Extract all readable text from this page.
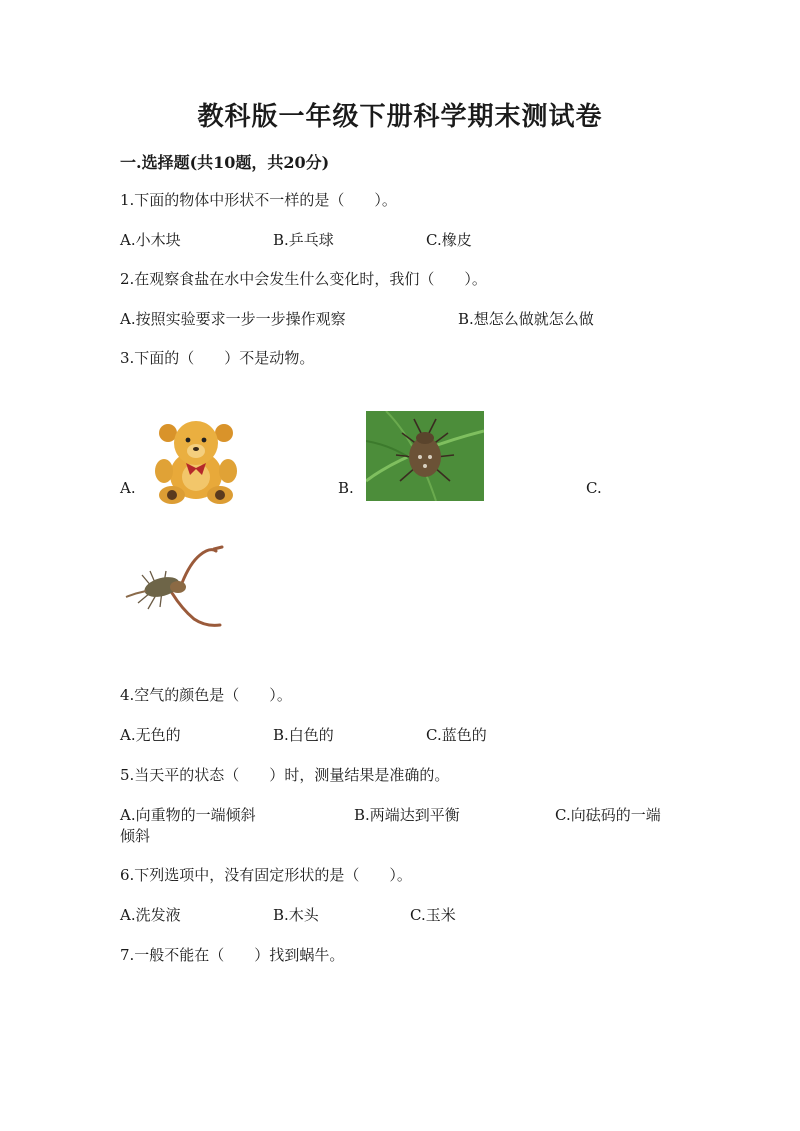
教科版一年级下册科学期末测试卷
一.选择题(共10题，共20分)
1.下面的物体中形状不一样的是（　　）。
A.小木块	B.乒乓球	C.橡皮
2.在观察食盐在水中会发生什么变化时，我们（　　）。
A.按照实验要求一步一步操作观察	B.想怎么做就怎么做
3.下面的（　　）不是动物。
A.	B.	C.
4.空气的颜色是（　　）。
A.无色的	B.白色的	C.蓝色的
5.当天平的状态（　　）时，测量结果是准确的。
A.向重物的一端倾斜	B.两端达到平衡	C.向砝码的一端
倾斜
6.下列选项中，没有固定形状的是（　　）。
A.洗发液	B.木头	C.玉米
7.一般不能在（　　）找到蜗牛。
